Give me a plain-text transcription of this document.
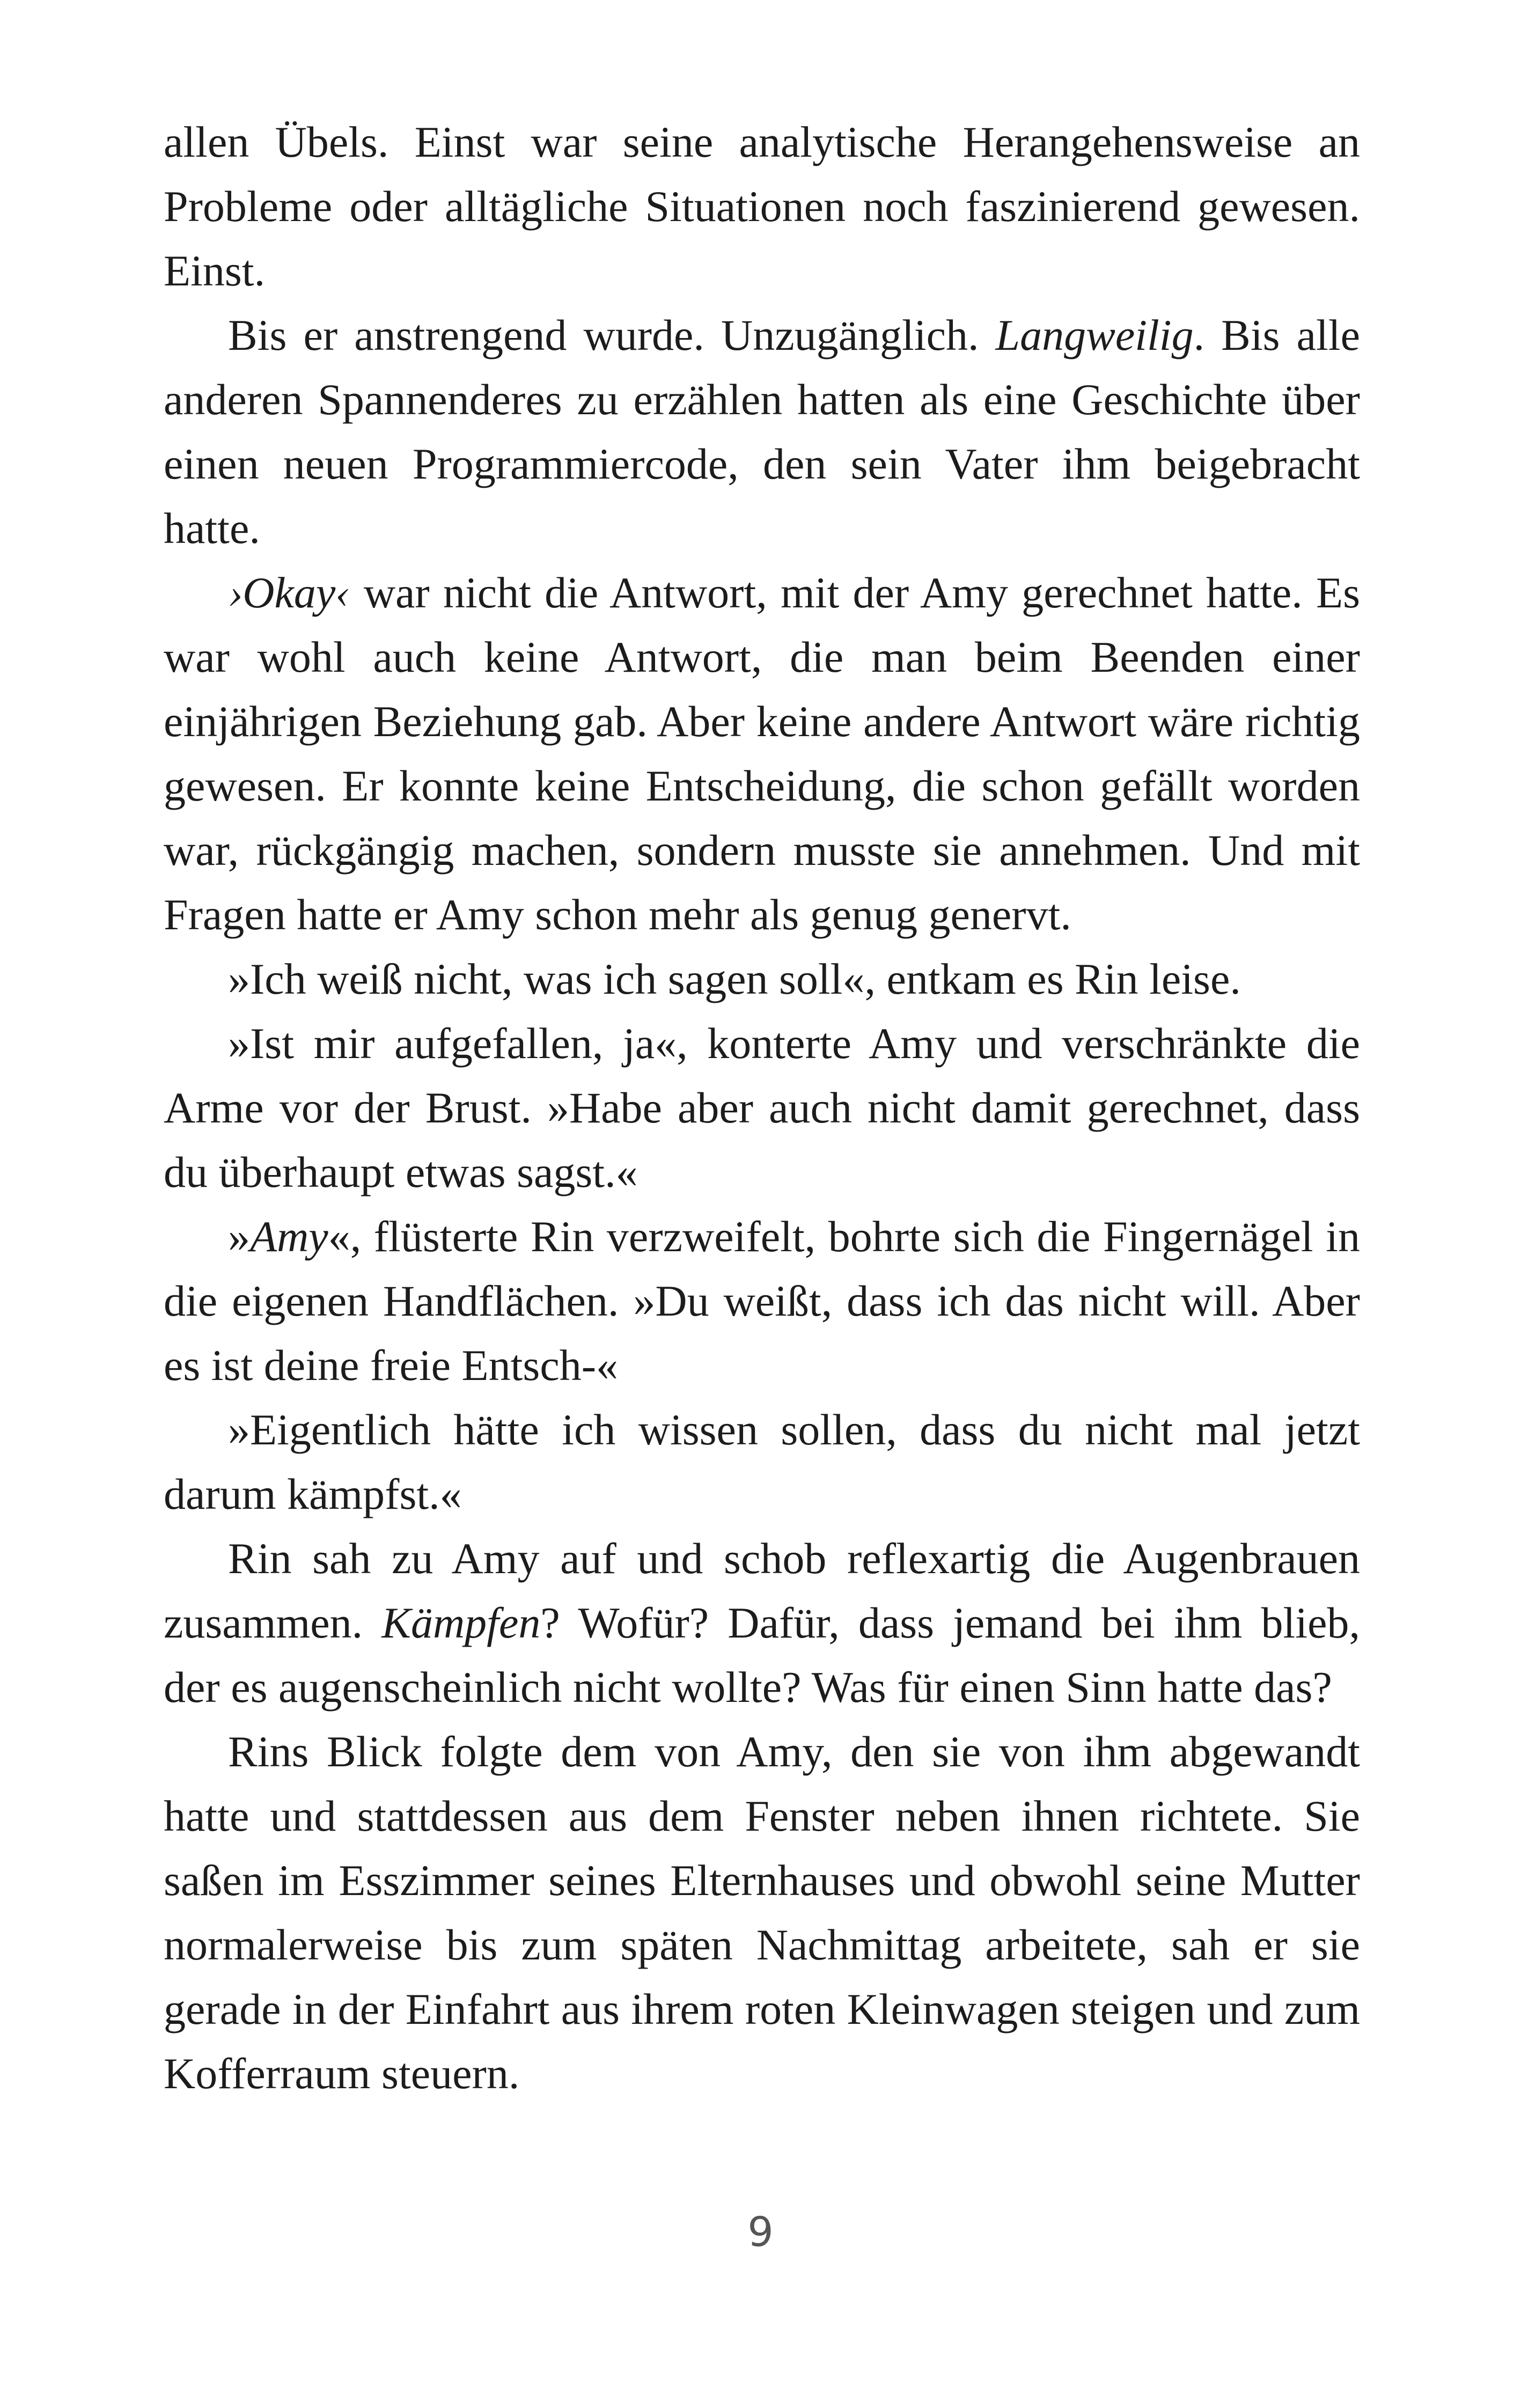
allen Übels. Einst war seine analytische Herangehensweise an Probleme oder alltägliche Situationen noch faszinierend gewesen. Einst.

Bis er anstrengend wurde. Unzugänglich. Langweilig. Bis alle anderen Spannenderes zu erzählen hatten als eine Geschichte über einen neuen Programmiercode, den sein Vater ihm beigebracht hatte.

›Okay‹ war nicht die Antwort, mit der Amy gerechnet hatte. Es war wohl auch keine Antwort, die man beim Beenden einer einjährigen Beziehung gab. Aber keine andere Antwort wäre richtig gewesen. Er konnte keine Entscheidung, die schon gefällt worden war, rückgängig machen, sondern musste sie annehmen. Und mit Fragen hatte er Amy schon mehr als genug genervt.

»Ich weiß nicht, was ich sagen soll«, entkam es Rin leise.

»Ist mir aufgefallen, ja«, konterte Amy und verschränkte die Arme vor der Brust. »Habe aber auch nicht damit gerechnet, dass du überhaupt etwas sagst.«

»Amy«, flüsterte Rin verzweifelt, bohrte sich die Fingernägel in die eigenen Handflächen. »Du weißt, dass ich das nicht will. Aber es ist deine freie Entsch-«

»Eigentlich hätte ich wissen sollen, dass du nicht mal jetzt darum kämpfst.«

Rin sah zu Amy auf und schob reflexartig die Augenbrauen zusammen. Kämpfen? Wofür? Dafür, dass jemand bei ihm blieb, der es augenscheinlich nicht wollte? Was für einen Sinn hatte das?

Rins Blick folgte dem von Amy, den sie von ihm abgewandt hatte und stattdessen aus dem Fenster neben ihnen richtete. Sie saßen im Esszimmer seines Elternhauses und obwohl seine Mutter normalerweise bis zum späten Nachmittag arbeitete, sah er sie gerade in der Einfahrt aus ihrem roten Kleinwagen steigen und zum Kofferraum steuern.

9
